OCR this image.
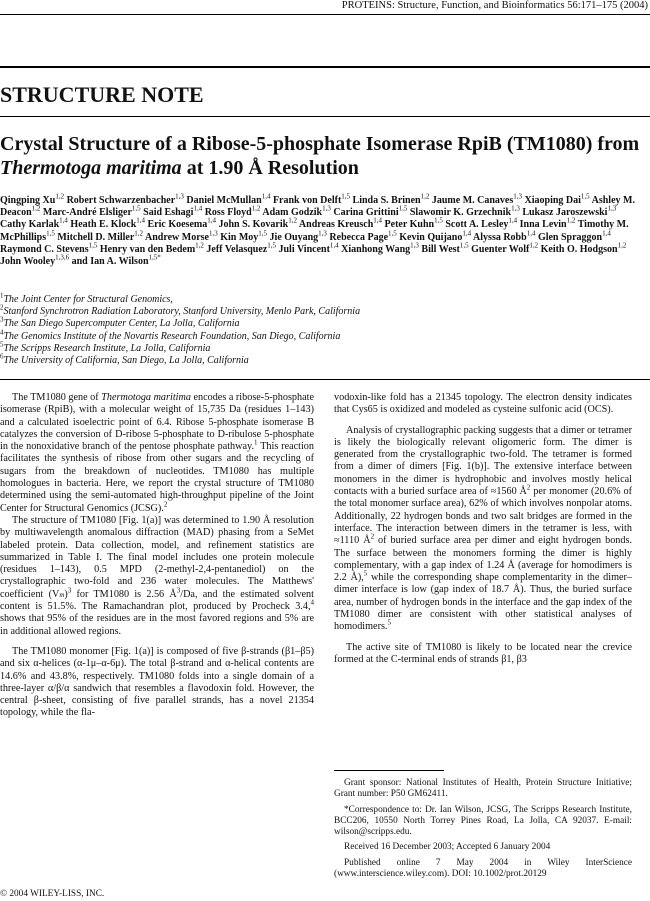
PROTEINS: Structure, Function, and Bioinformatics 56:171–175 (2004)
STRUCTURE NOTE
Crystal Structure of a Ribose-5-phosphate Isomerase RpiB (TM1080) from Thermotoga maritima at 1.90 Å Resolution
Qingping Xu$^{1,2}$ Robert Schwarzenbacher$^{1,3}$ Daniel McMullan$^{1,4}$ Frank von Delft$^{1,5}$ Linda S. Brinen$^{1,2}$ Jaume M. Canaves$^{1,3}$ Xiaoping Dai$^{1,5}$ Ashley M. Deacon$^{1,2}$ Marc-André Elsliger$^{1,5}$ Said Eshagi$^{1,4}$ Ross Floyd$^{1,2}$ Adam Godzik$^{1,3}$ Carina Grittini$^{1,5}$ Slawomir K. Grzechnik$^{1,3}$ Lukasz Jaroszewski$^{1,3}$ Cathy Karlak$^{1,4}$ Heath E. Klock$^{1,4}$ Eric Koesema$^{1,4}$ John S. Kovarik$^{1,2}$ Andreas Kreusch$^{1,4}$ Peter Kuhn$^{1,5}$ Scott A. Lesley$^{1,4}$ Inna Levin$^{1,2}$ Timothy M. McPhillips$^{1,5}$ Mitchell D. Miller$^{1,2}$ Andrew Morse$^{1,3}$ Kin Moy$^{1,5}$ Jie Ouyang$^{1,3}$ Rebecca Page$^{1,5}$ Kevin Quijano$^{1,4}$ Alyssa Robb$^{1,4}$ Glen Spraggon$^{1,4}$ Raymond C. Stevens$^{1,5}$ Henry van den Bedem$^{1,2}$ Jeff Velasquez$^{1,5}$ Juli Vincent$^{1,4}$ Xianhong Wang$^{1,3}$ Bill West$^{1,5}$ Guenter Wolf$^{1,2}$ Keith O. Hodgson$^{1,2}$ John Wooley$^{1,3,6}$ and Ian A. Wilson$^{1,5*}$
$^1$The Joint Center for Structural Genomics,
$^2$Stanford Synchrotron Radiation Laboratory, Stanford University, Menlo Park, California
$^3$The San Diego Supercomputer Center, La Jolla, California
$^4$The Genomics Institute of the Novartis Research Foundation, San Diego, California
$^5$The Scripps Research Institute, La Jolla, California
$^6$The University of California, San Diego, La Jolla, California

The TM1080 gene of Thermotoga maritima encodes a ribose-5-phosphate isomerase (RpiB), with a molecular weight of 15,735 Da (residues 1–143) and a calculated isoelectric point of 6.4. Ribose 5-phosphate isomerase B catalyzes the conversion of D-ribose 5-phosphate to D-ribulose 5-phosphate in the nonoxidative branch of the pentose phosphate pathway.$^1$ This reaction facilitates the synthesis of ribose from other sugars and the recycling of sugars from the breakdown of nucleotides. TM1080 has multiple homologues in bacteria. Here, we report the crystal structure of TM1080 determined using the semi-automated high-throughput pipeline of the Joint Center for Structural Genomics (JCSG).$^2$

The structure of TM1080 [Fig. 1(a)] was determined to 1.90 Å resolution by multiwavelength anomalous diffraction (MAD) phasing from a SeMet labeled protein. Data collection, model, and refinement statistics are summarized in Table I. The final model includes one protein molecule (residues 1–143), 0.5 MPD (2-methyl-2,4-pentanediol) on the crystallographic two-fold and 236 water molecules. The Matthews' coefficient $(Vm)^3$ for TM1080 is 2.56 $Å^3/Da$, and the estimated solvent content is 51.5%. The Ramachandran plot, produced by Procheck 3.4,$^4$ shows that 95% of the residues are in the most favored regions and 5% are in additional allowed regions.

The TM1080 monomer [Fig. 1(a)] is composed of five β-strands (β1–β5) and six α-helices (α-1μ–α-6μ). The total β-strand and α-helical contents are 14.6% and 43.8%, respectively. TM1080 folds into a single domain of a three-layer α/β/α sandwich that resembles a flavodoxin fold. However, the central β-sheet, consisting of five parallel strands, has a novel 21354 topology, while the fla-

vodoxin-like fold has a 21345 topology. The electron density indicates that Cys65 is oxidized and modeled as cysteine sulfonic acid (OCS).

Analysis of crystallographic packing suggests that a dimer or tetramer is likely the biologically relevant oligomeric form. The dimer is generated from the crystallographic two-fold. The tetramer is formed from a dimer of dimers [Fig. 1(b)]. The extensive interface between monomers in the dimer is hydrophobic and involves mostly helical contacts with a buried surface area of ≈1560 $Å^2$ per monomer (20.6% of the total monomer surface area), 62% of which involves nonpolar atoms. Additionally, 22 hydrogen bonds and two salt bridges are formed in the interface. The interaction between dimers in the tetramer is less, with ≈1110 $Å^2$ of buried surface area per dimer and eight hydrogen bonds. The surface between the monomers forming the dimer is highly complementary, with a gap index of 1.24 Å (average for homodimers is 2.2 Å),$^5$ while the corresponding shape complementarity in the dimer–dimer interface is low (gap index of 18.7 Å). Thus, the buried surface area, number of hydrogen bonds in the interface and the gap index of the TM1080 dimer are consistent with other statistical analyses of homodimers.$^5$

The active site of TM1080 is likely to be located near the crevice formed at the C-terminal ends of strands β1, β3

Grant sponsor: National Institutes of Health, Protein Structure Initiative; Grant number: P50 GM62411.

*Correspondence to: Dr. Ian Wilson, JCSG, The Scripps Research Institute, BCC206, 10550 North Torrey Pines Road, La Jolla, CA 92037. E-mail: wilson@scripps.edu.

Received 16 December 2003; Accepted 6 January 2004

Published online 7 May 2004 in Wiley InterScience (www.interscience.wiley.com). DOI: 10.1002/prot.20129

© 2004 WILEY-LISS, INC.
